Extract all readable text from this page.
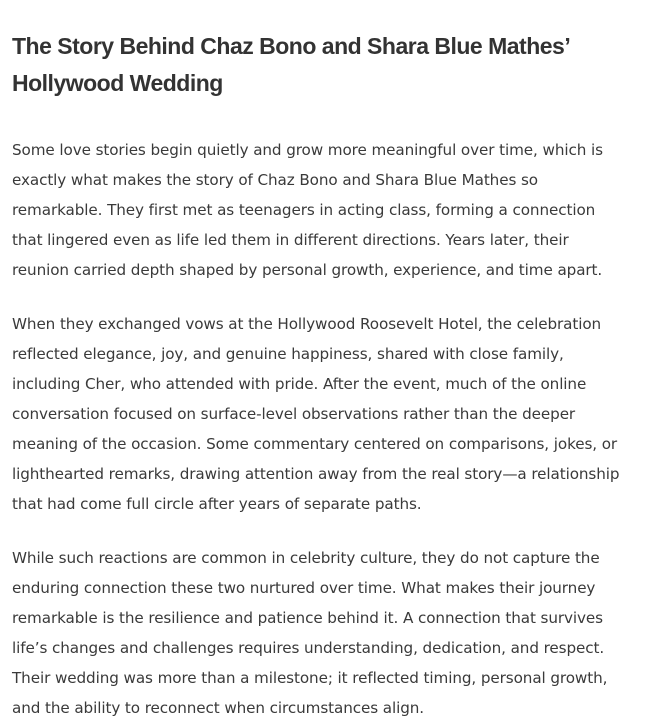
The Story Behind Chaz Bono and Shara Blue Mathes’
Hollywood Wedding

Some love stories begin quietly and grow more meaningful over time, which is
exactly what makes the story of Chaz Bono and Shara Blue Mathes so
remarkable. They first met as teenagers in acting class, forming a connection
that lingered even as life led them in different directions. Years later, their
reunion carried depth shaped by personal growth, experience, and time apart.

When they exchanged vows at the Hollywood Roosevelt Hotel, the celebration
reflected elegance, joy, and genuine happiness, shared with close family,
including Cher, who attended with pride. After the event, much of the online
conversation focused on surface-level observations rather than the deeper
meaning of the occasion. Some commentary centered on comparisons, jokes, or
lighthearted remarks, drawing attention away from the real story—a relationship
that had come full circle after years of separate paths.

While such reactions are common in celebrity culture, they do not capture the
enduring connection these two nurtured over time. What makes their journey
remarkable is the resilience and patience behind it. A connection that survives
life’s changes and challenges requires understanding, dedication, and respect.
Their wedding was more than a milestone; it reflected timing, personal growth,
and the ability to reconnect when circumstances align.
